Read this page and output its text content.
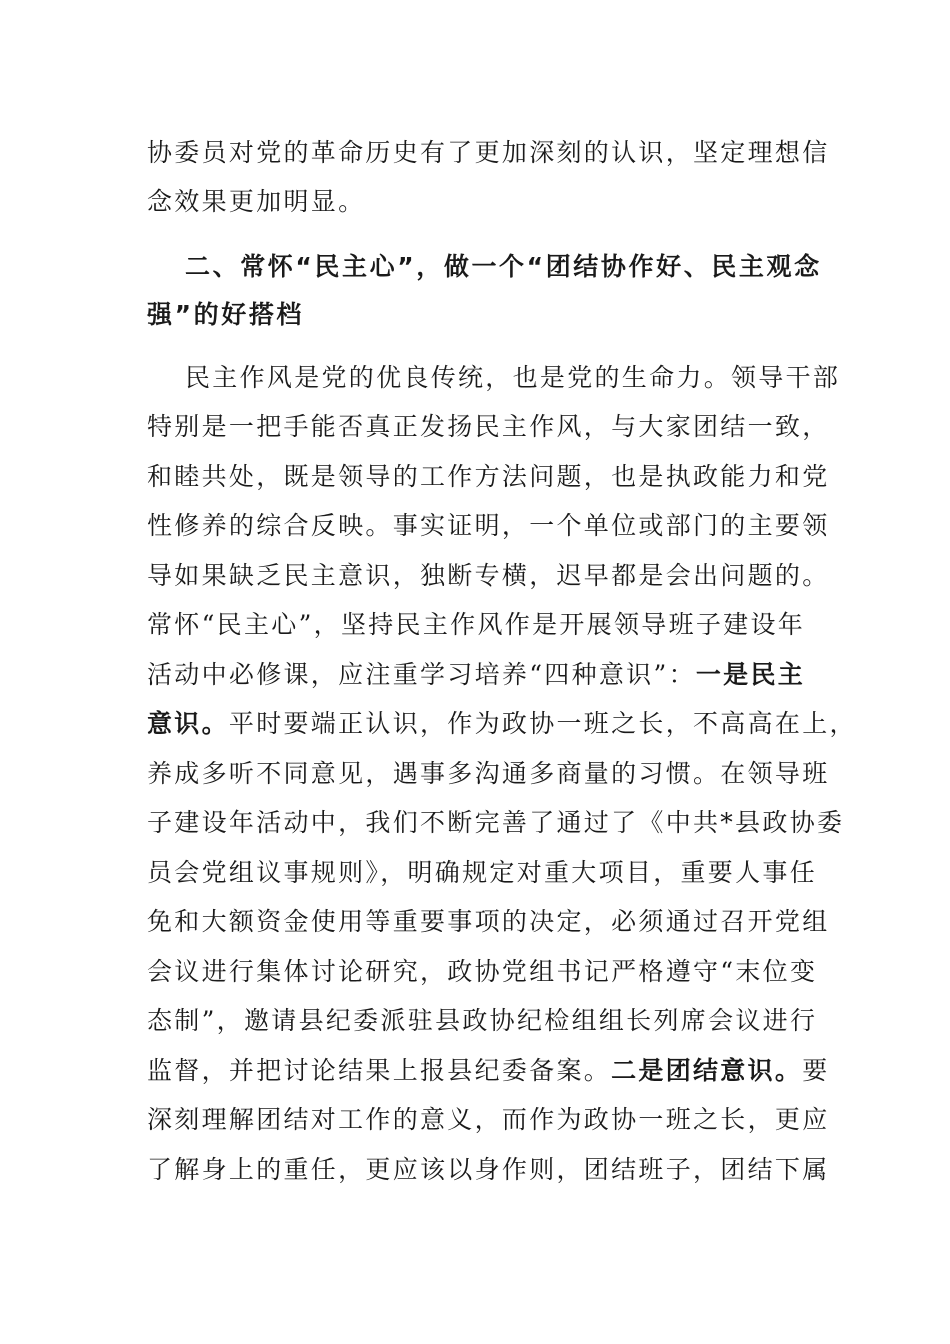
协委员对党的革命历史有了更加深刻的认识，坚定理想信
念效果更加明显。
二、常怀“民主心”，做一个“团结协作好、民主观念
强”的好搭档
民主作风是党的优良传统，也是党的生命力。领导干部
特别是一把手能否真正发扬民主作风，与大家团结一致，
和睦共处，既是领导的工作方法问题，也是执政能力和党
性修养的综合反映。事实证明，一个单位或部门的主要领
导如果缺乏民主意识，独断专横，迟早都是会出问题的。
常怀“民主心”，坚持民主作风作是开展领导班子建设年
活动中必修课，应注重学习培养“四种意识”：一是民主
意识。平时要端正认识，作为政协一班之长，不高高在上，
养成多听不同意见，遇事多沟通多商量的习惯。在领导班
子建设年活动中，我们不断完善了通过了《中共*县政协委
员会党组议事规则》，明确规定对重大项目，重要人事任
免和大额资金使用等重要事项的决定，必须通过召开党组
会议进行集体讨论研究，政协党组书记严格遵守“末位变
态制”，邀请县纪委派驻县政协纪检组组长列席会议进行
监督，并把讨论结果上报县纪委备案。二是团结意识。要
深刻理解团结对工作的意义，而作为政协一班之长，更应
了解身上的重任，更应该以身作则，团结班子，团结下属
